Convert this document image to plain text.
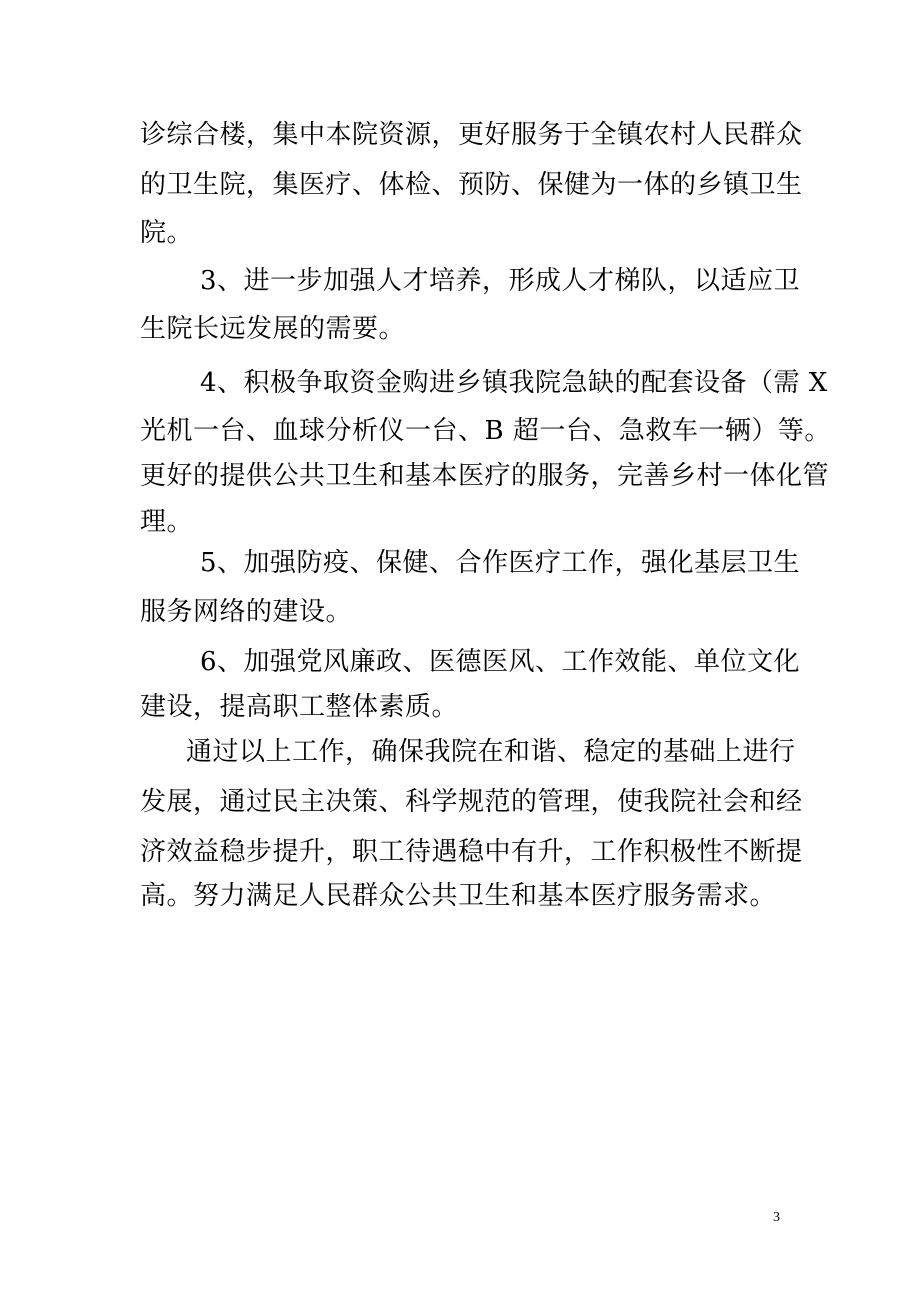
诊综合楼，集中本院资源，更好服务于全镇农村人民群众

的卫生院，集医疗、体检、预防、保健为一体的乡镇卫生

院。

3、进一步加强人才培养，形成人才梯队，以适应卫

生院长远发展的需要。

4、积极争取资金购进乡镇我院急缺的配套设备（需 X

光机一台、血球分析仪一台、B 超一台、急救车一辆）等。

更好的提供公共卫生和基本医疗的服务，完善乡村一体化管

理。

5、加强防疫、保健、合作医疗工作，强化基层卫生

服务网络的建设。

6、加强党风廉政、医德医风、工作效能、单位文化

建设，提高职工整体素质。

通过以上工作，确保我院在和谐、稳定的基础上进行

发展，通过民主决策、科学规范的管理，使我院社会和经

济效益稳步提升，职工待遇稳中有升，工作积极性不断提

高。努力满足人民群众公共卫生和基本医疗服务需求。

3
